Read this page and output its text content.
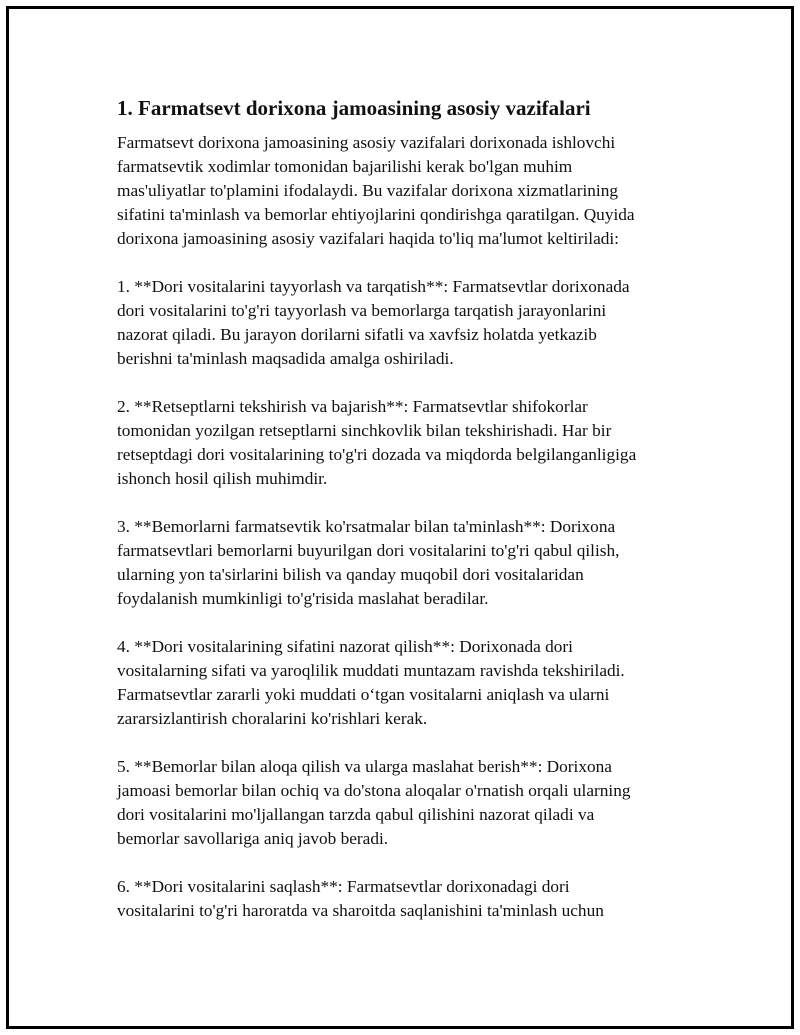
1. Farmatsevt dorixona jamoasining asosiy vazifalari

Farmatsevt dorixona jamoasining asosiy vazifalari dorixonada ishlovchi
farmatsevtik xodimlar tomonidan bajarilishi kerak bo'lgan muhim
mas'uliyatlar to'plamini ifodalaydi. Bu vazifalar dorixona xizmatlarining
sifatini ta'minlash va bemorlar ehtiyojlarini qondirishga qaratilgan. Quyida
dorixona jamoasining asosiy vazifalari haqida to'liq ma'lumot keltiriladi:

1. **Dori vositalarini tayyorlash va tarqatish**: Farmatsevtlar dorixonada
dori vositalarini to'g'ri tayyorlash va bemorlarga tarqatish jarayonlarini
nazorat qiladi. Bu jarayon dorilarni sifatli va xavfsiz holatda yetkazib
berishni ta'minlash maqsadida amalga oshiriladi.

2. **Retseptlarni tekshirish va bajarish**: Farmatsevtlar shifokorlar
tomonidan yozilgan retseptlarni sinchkovlik bilan tekshirishadi. Har bir
retseptdagi dori vositalarining to'g'ri dozada va miqdorda belgilanganligiga
ishonch hosil qilish muhimdir.

3. **Bemorlarni farmatsevtik ko'rsatmalar bilan ta'minlash**: Dorixona
farmatsevtlari bemorlarni buyurilgan dori vositalarini to'g'ri qabul qilish,
ularning yon ta'sirlarini bilish va qanday muqobil dori vositalaridan
foydalanish mumkinligi to'g'risida maslahat beradilar.

4. **Dori vositalarining sifatini nazorat qilish**: Dorixonada dori
vositalarning sifati va yaroqlilik muddati muntazam ravishda tekshiriladi.
Farmatsevtlar zararli yoki muddati o‘tgan vositalarni aniqlash va ularni
zararsizlantirish choralarini ko'rishlari kerak.

5. **Bemorlar bilan aloqa qilish va ularga maslahat berish**: Dorixona
jamoasi bemorlar bilan ochiq va do'stona aloqalar o'rnatish orqali ularning
dori vositalarini mo'ljallangan tarzda qabul qilishini nazorat qiladi va
bemorlar savollariga aniq javob beradi.

6. **Dori vositalarini saqlash**: Farmatsevtlar dorixonadagi dori
vositalarini to'g'ri haroratda va sharoitda saqlanishini ta'minlash uchun
